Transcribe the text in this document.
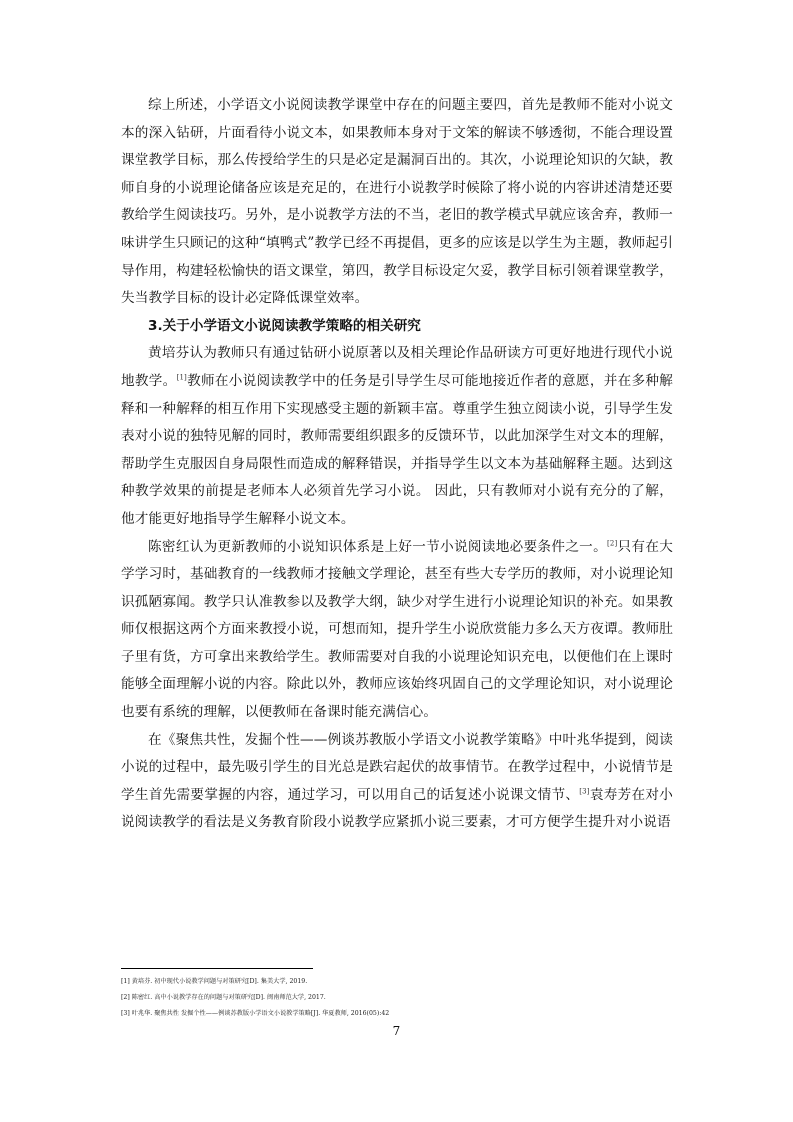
综上所述，小学语文小说阅读教学课堂中存在的问题主要四，首先是教师不能对小说文本的深入钻研，片面看待小说文本，如果教师本身对于文笨的解读不够透彻，不能合理设置课堂教学目标，那么传授给学生的只是必定是漏洞百出的。其次，小说理论知识的欠缺，教师自身的小说理论储备应该是充足的，在进行小说教学时候除了将小说的内容讲述清楚还要教给学生阅读技巧。另外，是小说教学方法的不当，老旧的教学模式早就应该舍弃，教师一味讲学生只顾记的这种“填鸭式”教学已经不再提倡，更多的应该是以学生为主题，教师起引导作用，构建轻松愉快的语文课堂，第四，教学目标设定欠妥，教学目标引领着课堂教学，失当教学目标的设计必定降低课堂效率。

3.关于小学语文小说阅读教学策略的相关研究

黄培芬认为教师只有通过钻研小说原著以及相关理论作品研读方可更好地进行现代小说地教学。[1]教师在小说阅读教学中的任务是引导学生尽可能地接近作者的意愿，并在多种解释和一种解释的相互作用下实现感受主题的新颖丰富。尊重学生独立阅读小说，引导学生发表对小说的独特见解的同时，教师需要组织跟多的反馈环节，以此加深学生对文本的理解，帮助学生克服因自身局限性而造成的解释错误，并指导学生以文本为基础解释主题。达到这种教学效果的前提是老师本人必须首先学习小说。 因此，只有教师对小说有充分的了解，他才能更好地指导学生解释小说文本。

陈密红认为更新教师的小说知识体系是上好一节小说阅读地必要条件之一。[2]只有在大学学习时，基础教育的一线教师才接触文学理论，甚至有些大专学历的教师，对小说理论知识孤陋寡闻。教学只认准教参以及教学大纲，缺少对学生进行小说理论知识的补充。如果教师仅根据这两个方面来教授小说，可想而知，提升学生小说欣赏能力多么天方夜谭。教师肚子里有货，方可拿出来教给学生。教师需要对自我的小说理论知识充电，以便他们在上课时能够全面理解小说的内容。除此以外，教师应该始终巩固自己的文学理论知识，对小说理论也要有系统的理解，以便教师在备课时能充满信心。

在《聚焦共性，发掘个性——例谈苏教版小学语文小说教学策略》中叶兆华提到，阅读小说的过程中，最先吸引学生的目光总是跌宕起伏的故事情节。在教学过程中，小说情节是学生首先需要掌握的内容，通过学习，可以用自己的话复述小说课文情节、[3]袁寿芳在对小说阅读教学的看法是义务教育阶段小说教学应紧抓小说三要素，才可方便学生提升对小说语

[1] 黄培芬. 初中现代小说教学问题与对策研究[D]. 集美大学, 2019.

[2] 陈密红. 高中小说教学存在的问题与对策研究[D]. 闽南师范大学, 2017.

[3] 叶兆华. 聚焦共性 发掘个性——例谈苏教版小学语文小说教学策略[J]. 华夏教师, 2016(05):42

7
